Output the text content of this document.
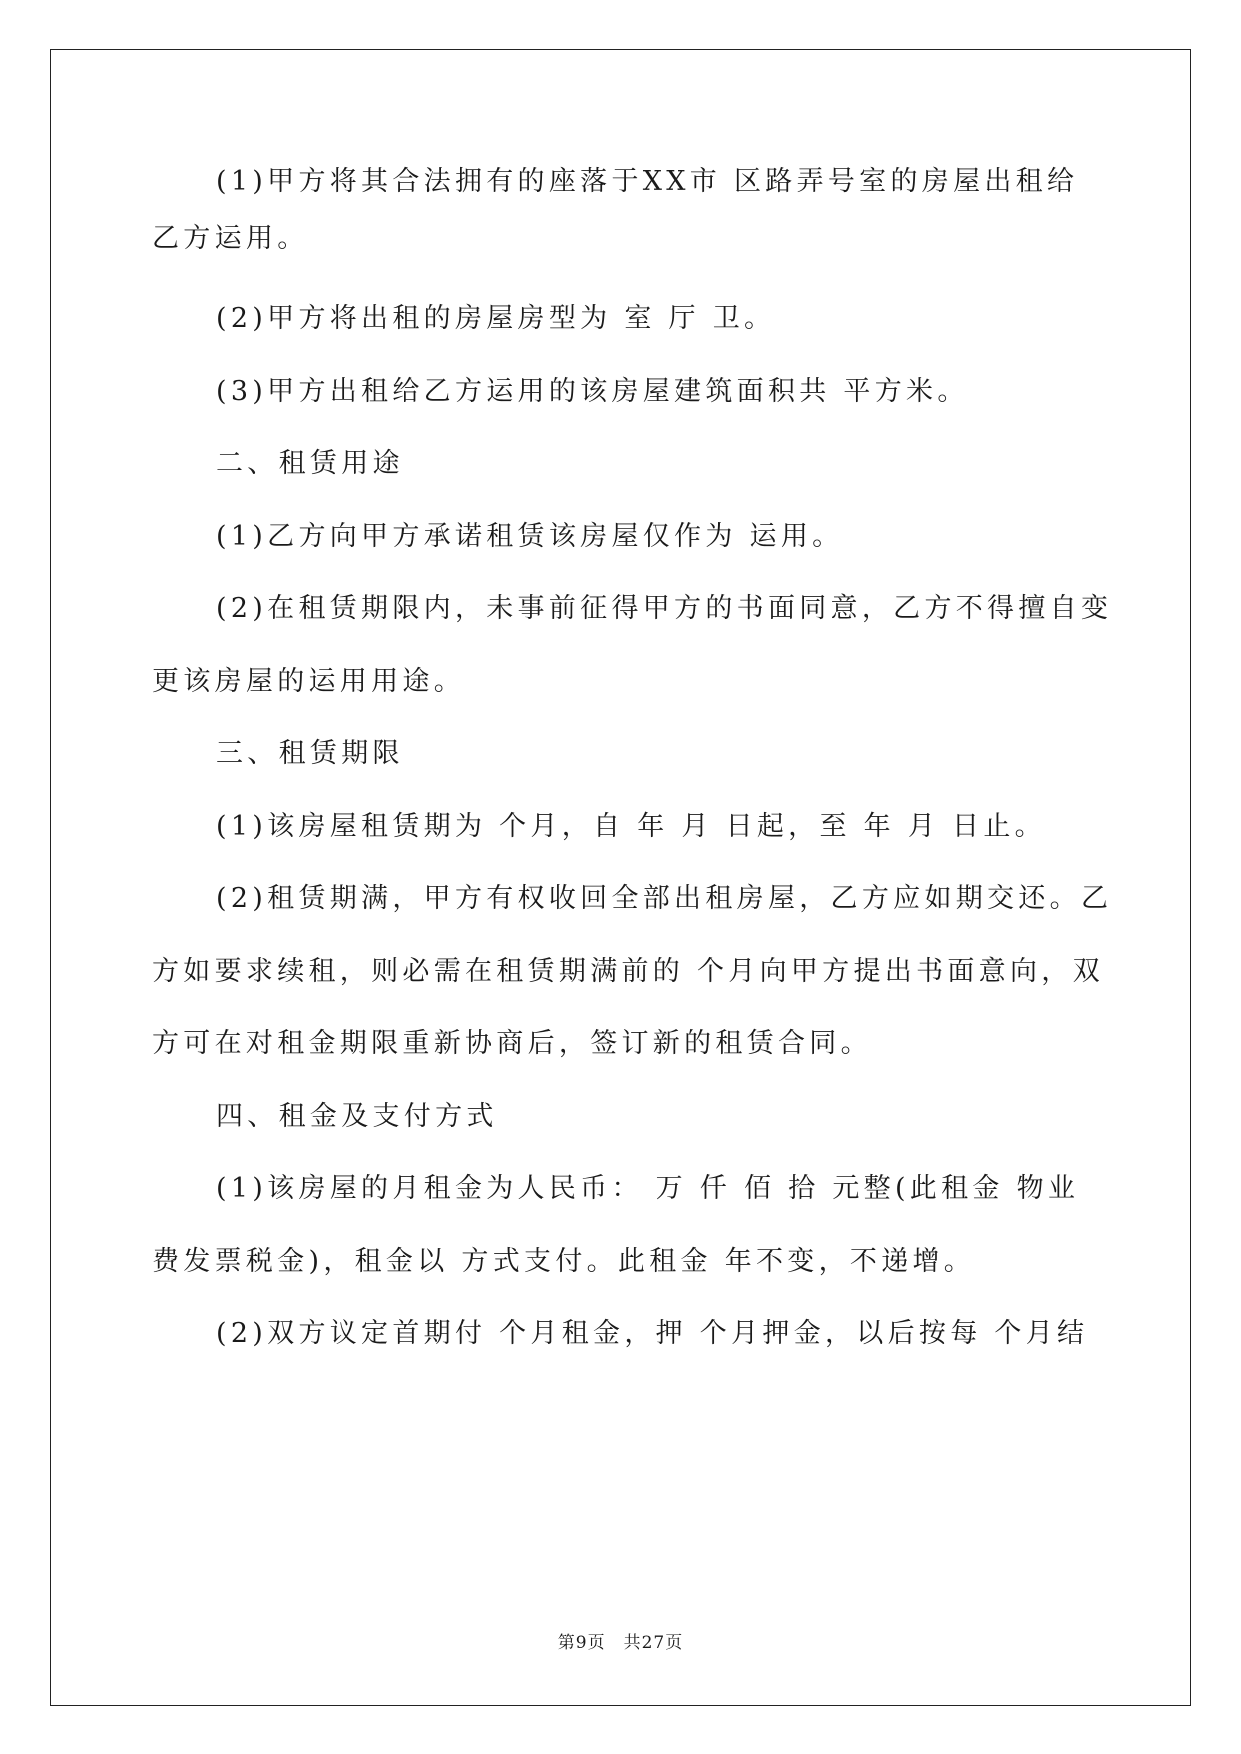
(1)甲方将其合法拥有的座落于XX市 区路弄号室的房屋出租给
乙方运用。
(2)甲方将出租的房屋房型为 室 厅 卫。
(3)甲方出租给乙方运用的该房屋建筑面积共 平方米。
二、租赁用途
(1)乙方向甲方承诺租赁该房屋仅作为 运用。
(2)在租赁期限内，未事前征得甲方的书面同意，乙方不得擅自变
更该房屋的运用用途。
三、租赁期限
(1)该房屋租赁期为 个月，自 年 月 日起，至 年 月 日止。
(2)租赁期满，甲方有权收回全部出租房屋，乙方应如期交还。乙
方如要求续租，则必需在租赁期满前的 个月向甲方提出书面意向，双
方可在对租金期限重新协商后，签订新的租赁合同。
四、租金及支付方式
(1)该房屋的月租金为人民币： 万 仟 佰 拾 元整(此租金 物业
费发票税金)，租金以 方式支付。此租金 年不变，不递增。
(2)双方议定首期付 个月租金，押 个月押金，以后按每 个月结
第9页　共27页
